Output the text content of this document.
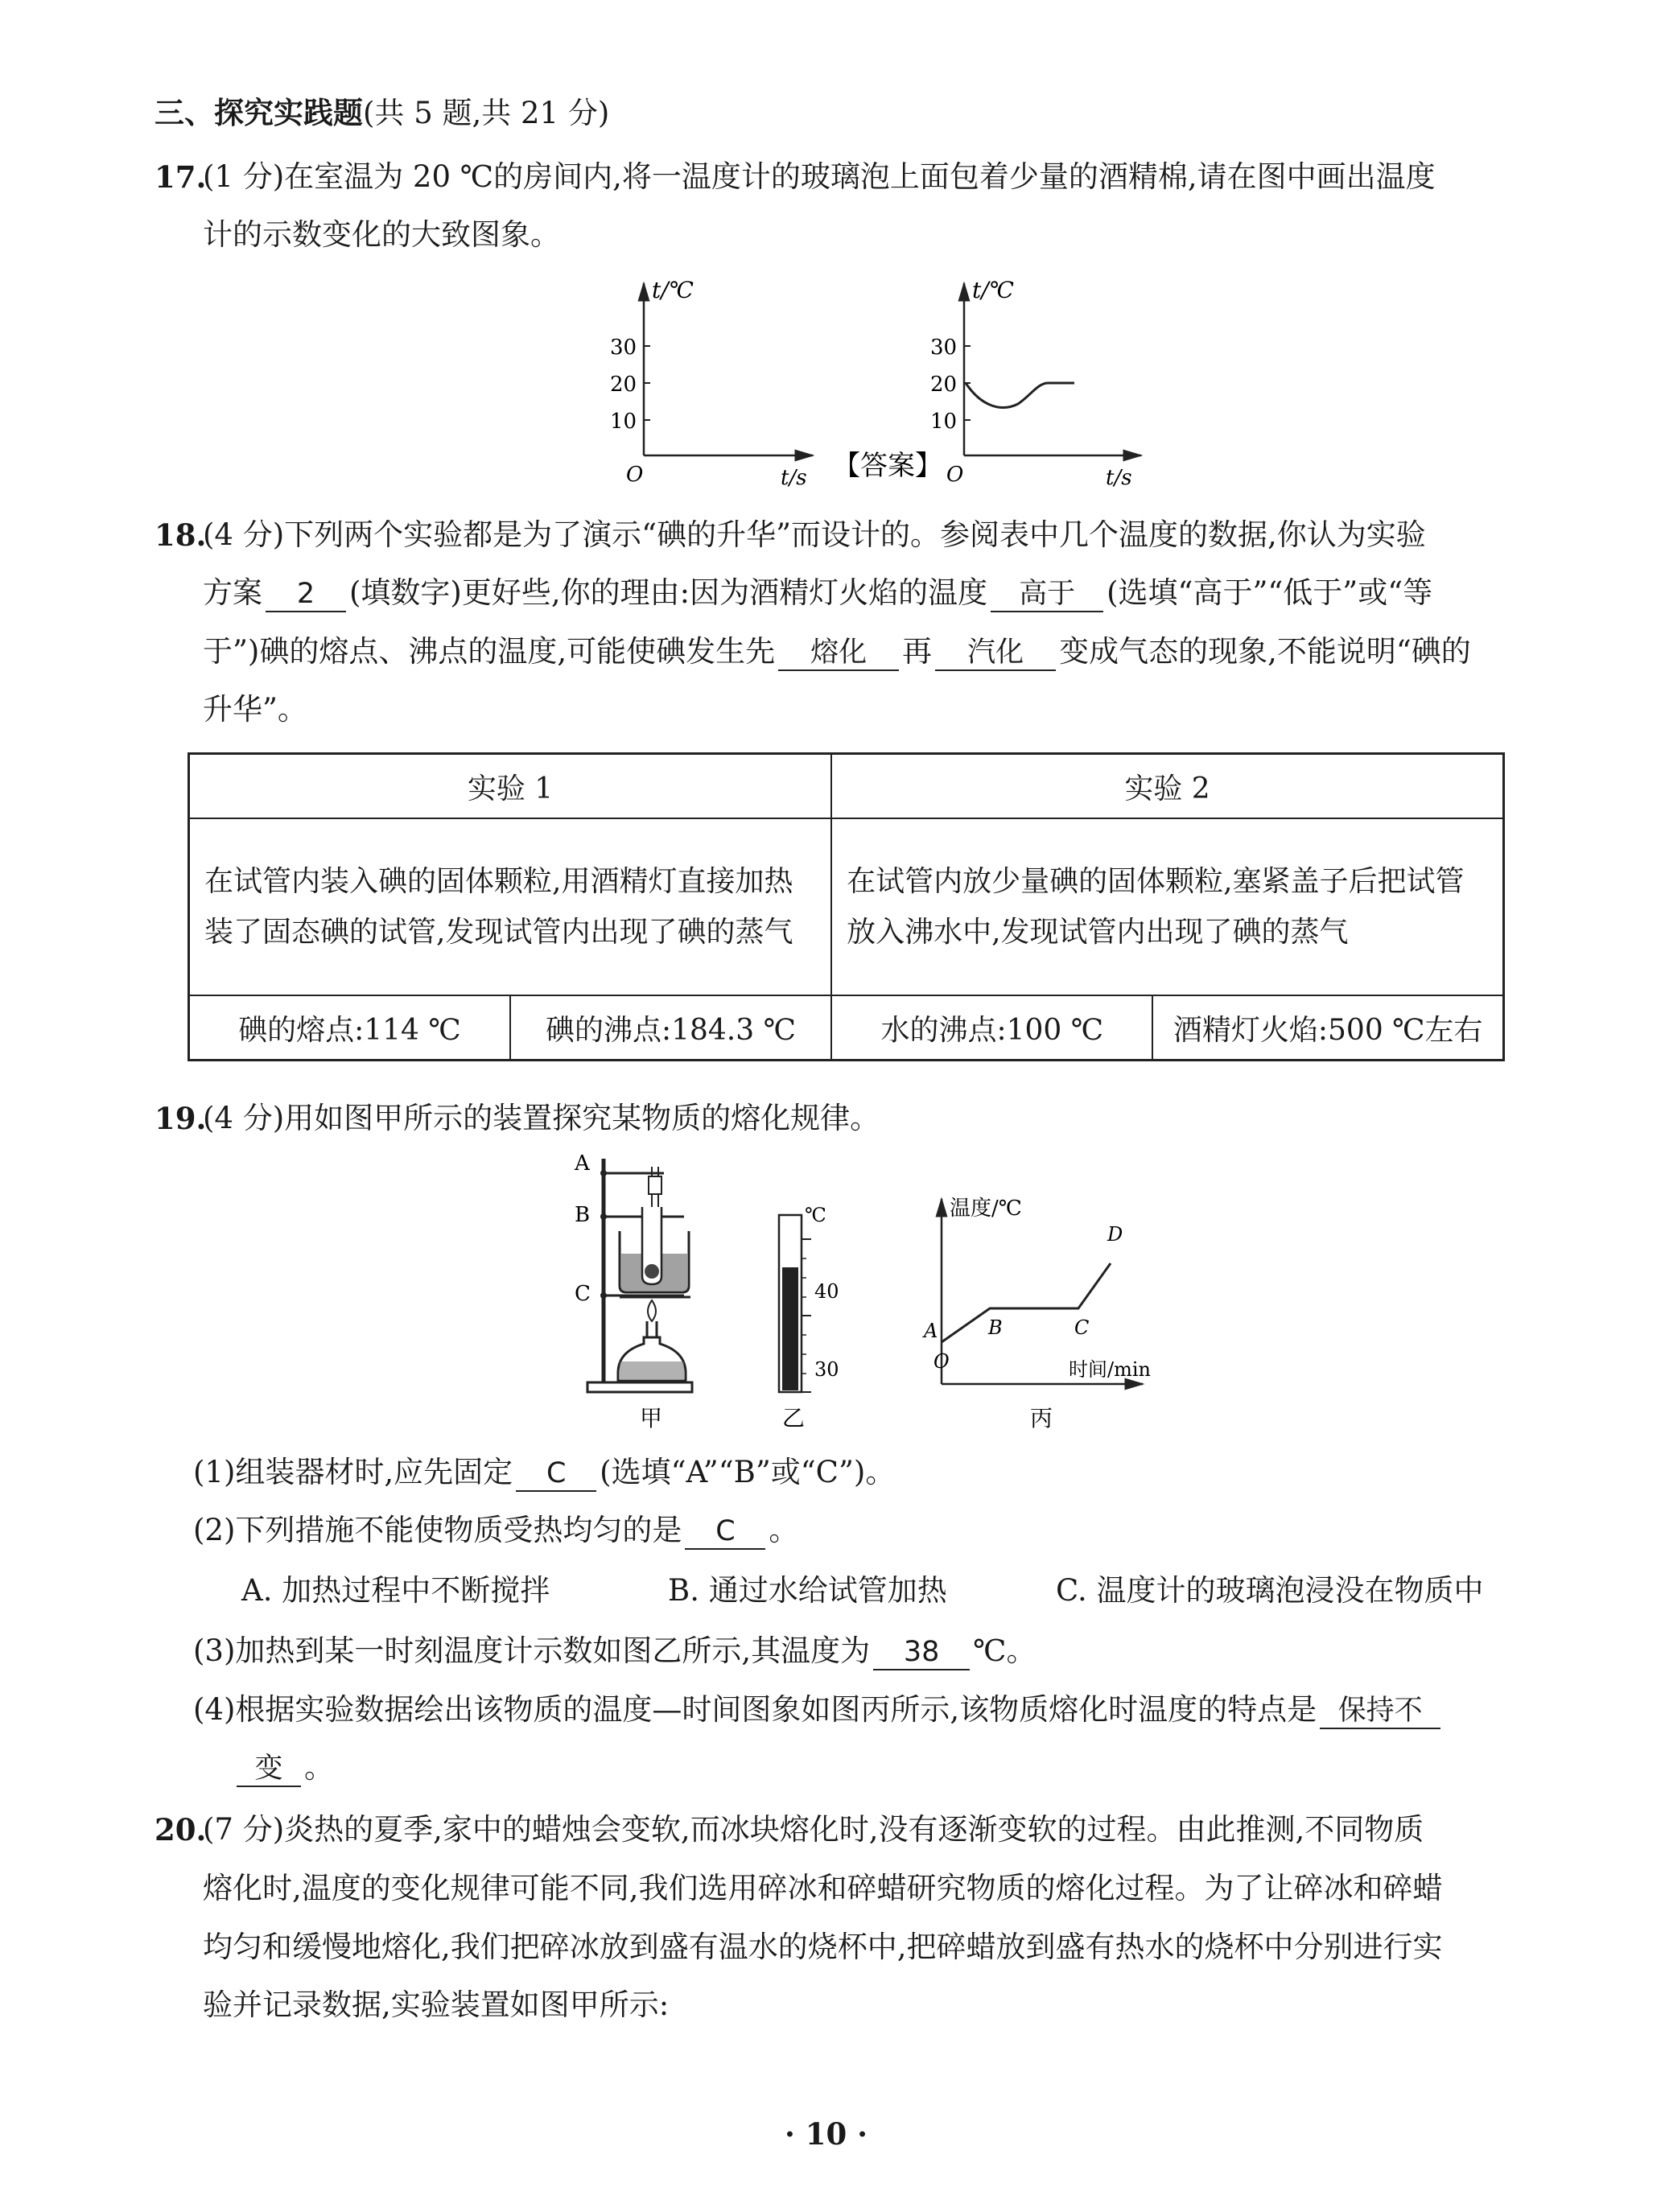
三、探究实践题(共 5 题,共 21 分)
17.
(1 分)在室温为 20 ℃的房间内,将一温度计的玻璃泡上面包着少量的酒精棉,请在图中画出温度
计的示数变化的大致图象。
t/℃
30
20
10
O	t/s 【答案】
t/℃
30
20
10
O	t/s
18.
(4 分)下列两个实验都是为了演示“碘的升华”而设计的。参阅表中几个温度的数据,你认为实验
方案 2 (填数字)更好些,你的理由:因为酒精灯火焰的温度 高于 (选填“高于”“低于”或“等
于”)碘的熔点、沸点的温度,可能使碘发生先 熔化 再 汽化 变成气态的现象,不能说明“碘的
升华”。
实验 1		实验 2	
在试管内装入碘的固体颗粒,用酒精灯直接加热装了固态碘的试管,发现试管内出现了碘的蒸气		在试管内放少量碘的固体颗粒,塞紧盖子后把试管放入沸水中,发现试管内出现了碘的蒸气	
碘的熔点:114 ℃	碘的沸点:184.3 ℃	水的沸点:100 ℃	酒精灯火焰:500 ℃左右
19.
(4 分)用如图甲所示的装置探究某物质的熔化规律。
A
B
C
甲
℃
40
30
乙
温度/℃
时间/min
O
A	B	C
D
丙
(1)组装器材时,应先固定 C (选填“A”“B”或“C”)。
(2)下列措施不能使物质受热均匀的是 C 。
A. 加热过程中不断搅拌	B. 通过水给试管加热	C. 温度计的玻璃泡浸没在物质中
(3)加热到某一时刻温度计示数如图乙所示,其温度为 38 ℃。
(4)根据实验数据绘出该物质的温度—时间图象如图丙所示,该物质熔化时温度的特点是 保持不
变 。
20.
(7 分)炎热的夏季,家中的蜡烛会变软,而冰块熔化时,没有逐渐变软的过程。由此推测,不同物质
熔化时,温度的变化规律可能不同,我们选用碎冰和碎蜡研究物质的熔化过程。为了让碎冰和碎蜡
均匀和缓慢地熔化,我们把碎冰放到盛有温水的烧杯中,把碎蜡放到盛有热水的烧杯中分别进行实
验并记录数据,实验装置如图甲所示:
· 10 ·
